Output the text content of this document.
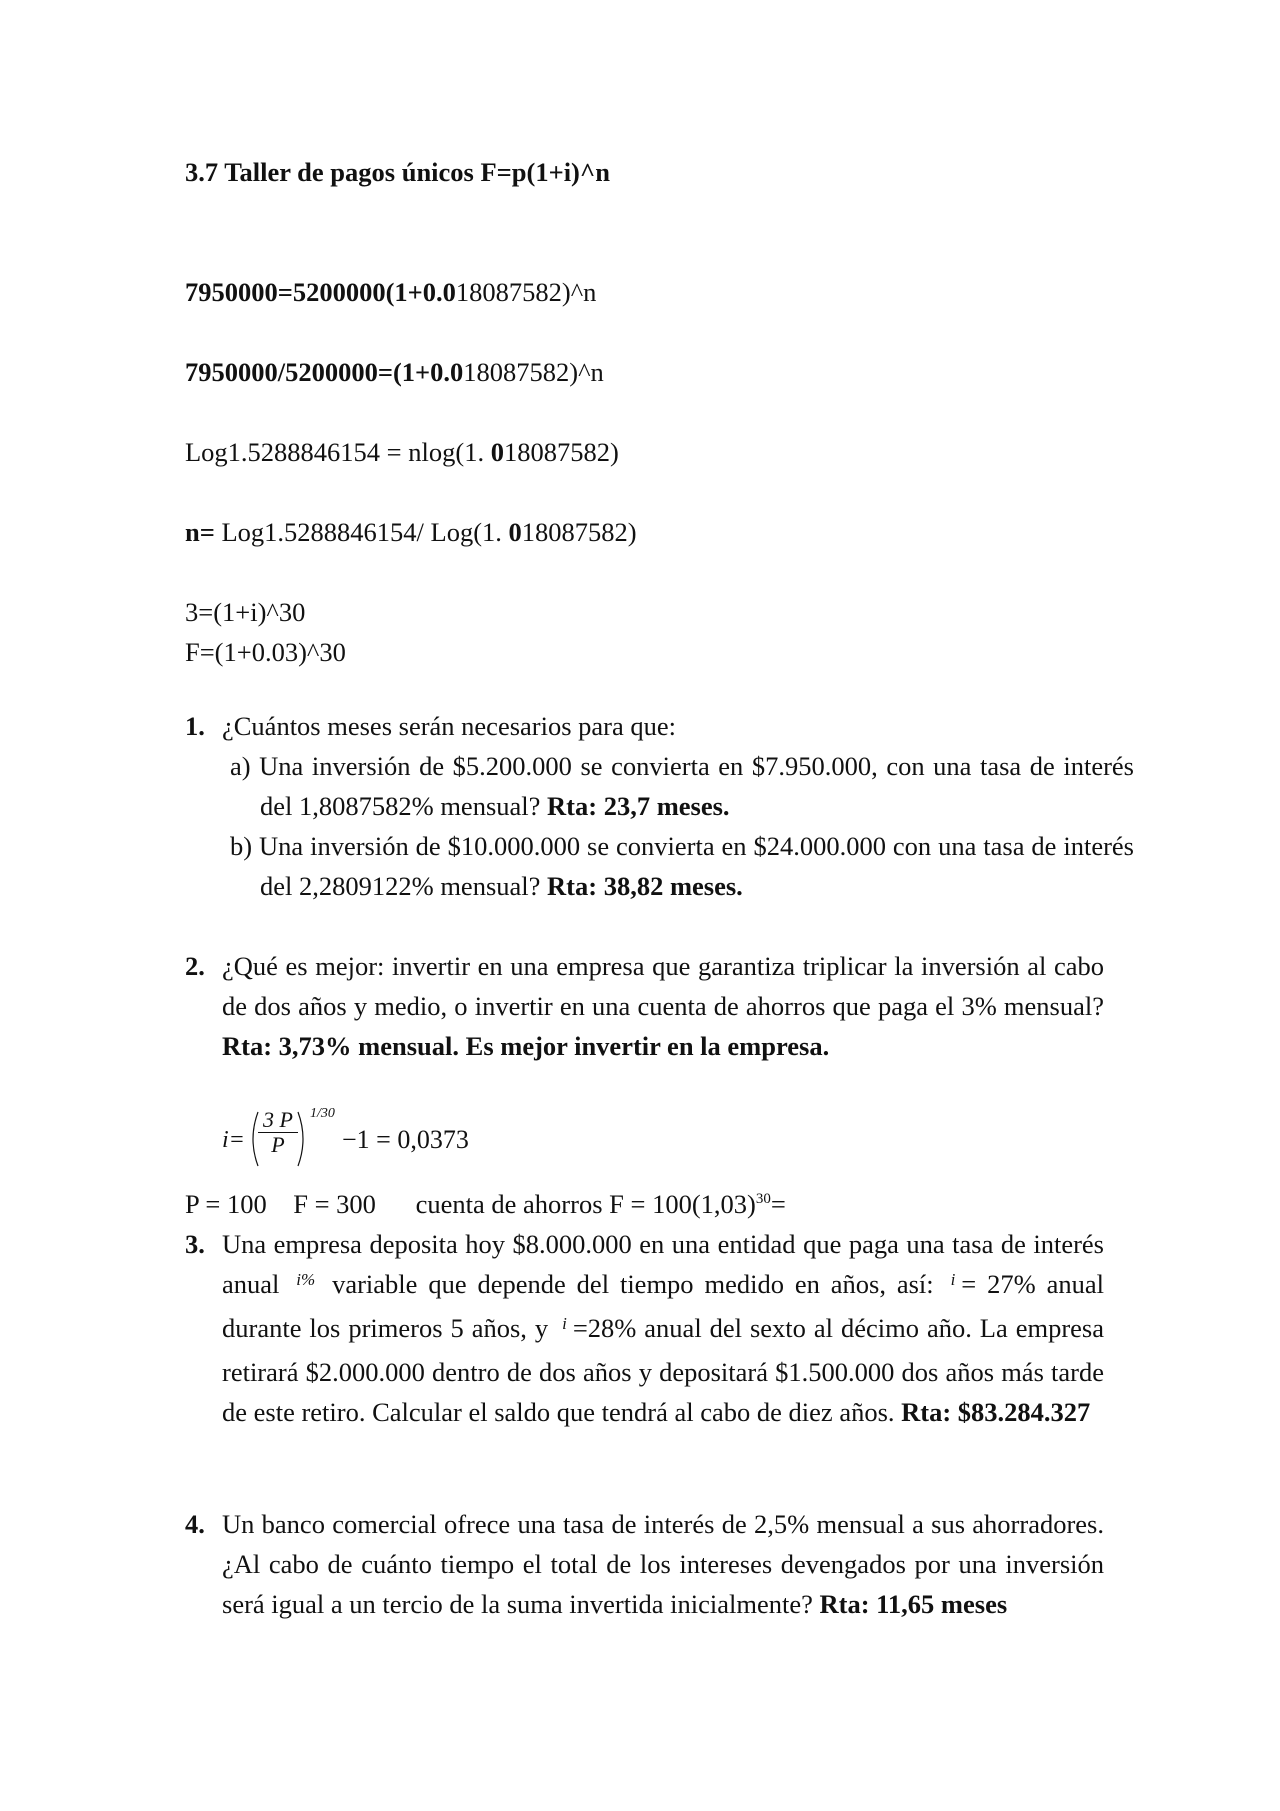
3.7 Taller de pagos únicos F=p(1+i)^n
7950000=5200000(1+0.018087582)^n
7950000/5200000=(1+0.018087582)^n
Log1.5288846154 = nlog(1. 018087582)
n= Log1.5288846154/ Log(1. 018087582)
3=(1+i)^30
F=(1+0.03)^30
1. ¿Cuántos meses serán necesarios para que:
a) Una inversión de $5.200.000 se convierta en $7.950.000, con una tasa de interés del 1,8087582% mensual? Rta: 23,7 meses.
b) Una inversión de $10.000.000 se convierta en $24.000.000 con una tasa de interés del 2,2809122% mensual? Rta: 38,82 meses.
2. ¿Qué es mejor: invertir en una empresa que garantiza triplicar la inversión al cabo de dos años y medio, o invertir en una cuenta de ahorros que paga el 3% mensual? Rta: 3,73% mensual. Es mejor invertir en la empresa.
$i= \frac{3 P}{P} 1/30$
−1 = 0,0373
P = 100    F = 300      cuenta de ahorros $F = 100(1,03)^{30}=$
3. Una empresa deposita hoy $8.000.000 en una entidad que paga una tasa de interés anual $^{i\%}$ variable que depende del tiempo medido en años, así: $^i$ = 27% anual durante los primeros 5 años, y $^i$ =28% anual del sexto al décimo año. La empresa retirará $2.000.000 dentro de dos años y depositará $1.500.000 dos años más tarde de este retiro. Calcular el saldo que tendrá al cabo de diez años. Rta: $83.284.327
4. Un banco comercial ofrece una tasa de interés de 2,5% mensual a sus ahorradores. ¿Al cabo de cuánto tiempo el total de los intereses devengados por una inversión será igual a un tercio de la suma invertida inicialmente? Rta: 11,65 meses
